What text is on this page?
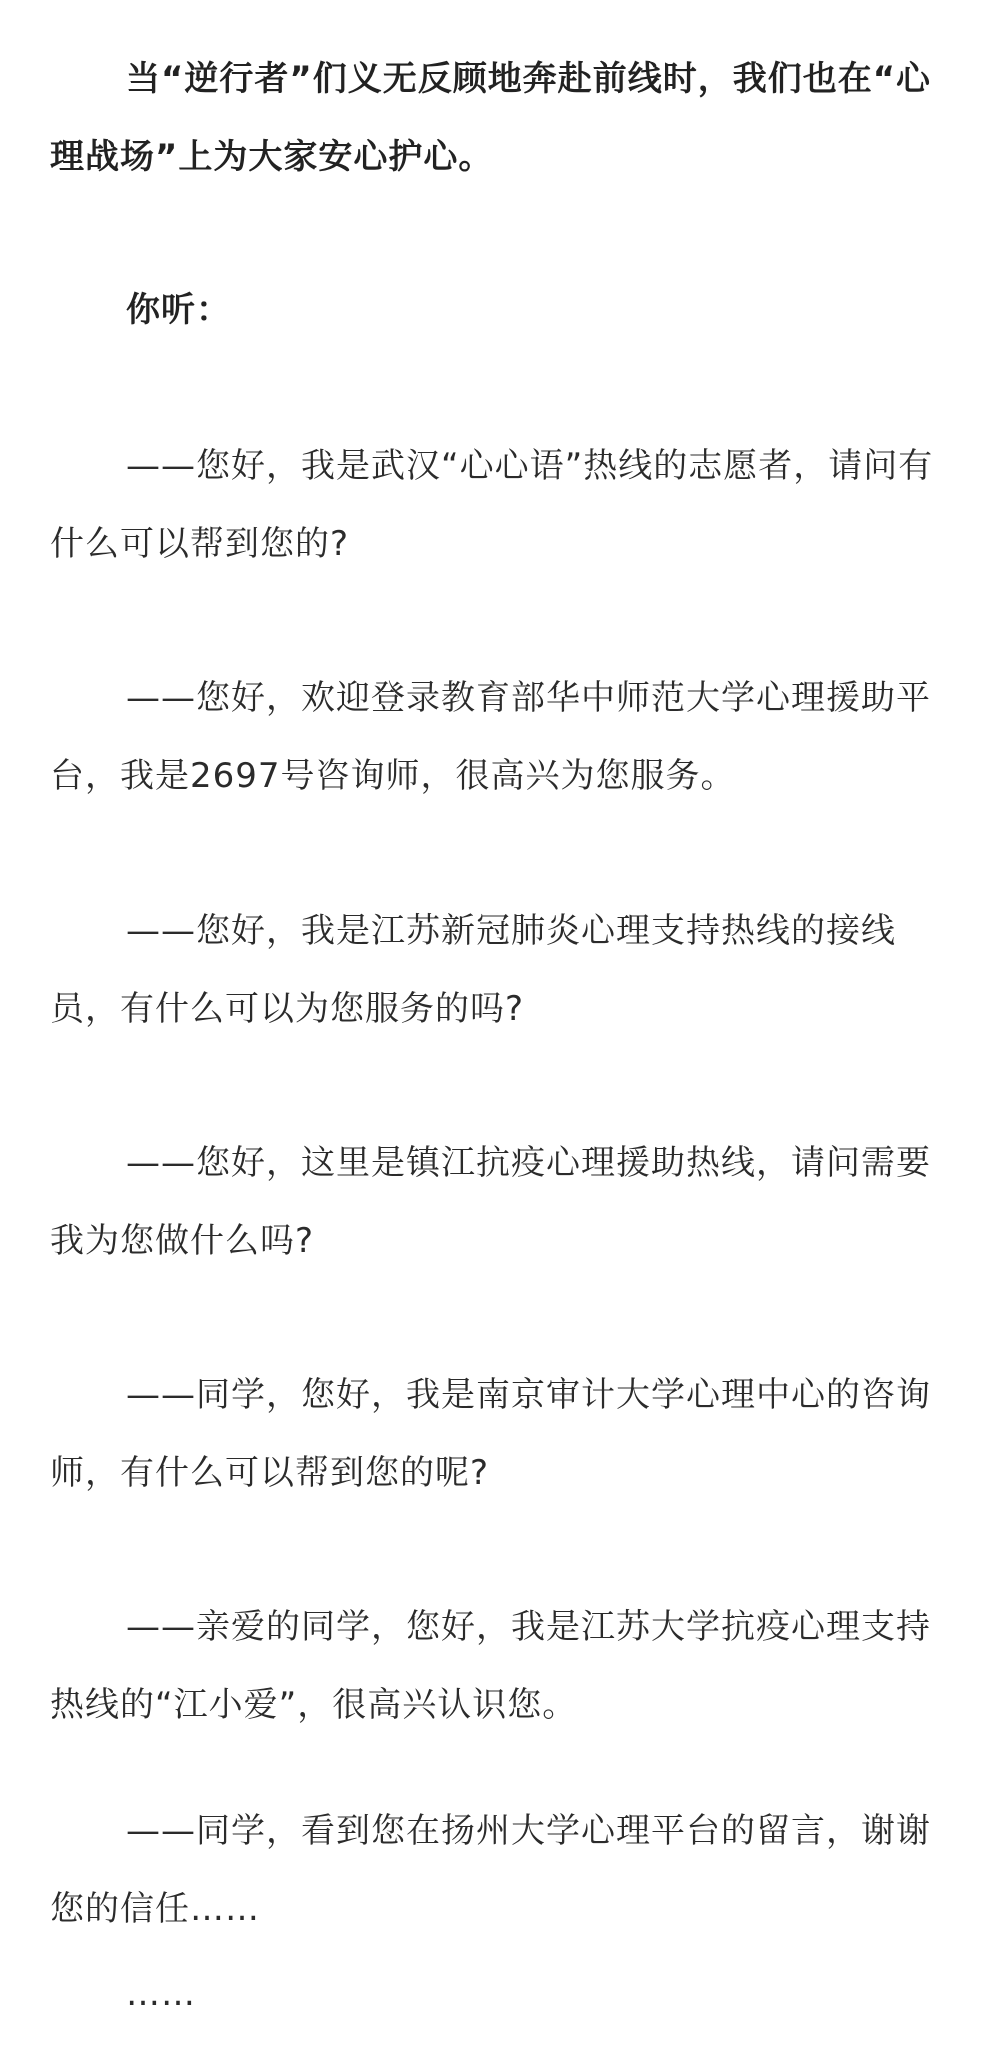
当“逆行者”们义无反顾地奔赴前线时，我们也在“心理战场”上为大家安心护心。

你听：

——您好，我是武汉“心心语”热线的志愿者，请问有什么可以帮到您的?

——您好，欢迎登录教育部华中师范大学心理援助平台，我是2697号咨询师，很高兴为您服务。

——您好，我是江苏新冠肺炎心理支持热线的接线员，有什么可以为您服务的吗?

——您好，这里是镇江抗疫心理援助热线，请问需要我为您做什么吗?

——同学，您好，我是南京审计大学心理中心的咨询师，有什么可以帮到您的呢?

——亲爱的同学，您好，我是江苏大学抗疫心理支持热线的“江小爱”，很高兴认识您。

——同学，看到您在扬州大学心理平台的留言，谢谢您的信任……

……
